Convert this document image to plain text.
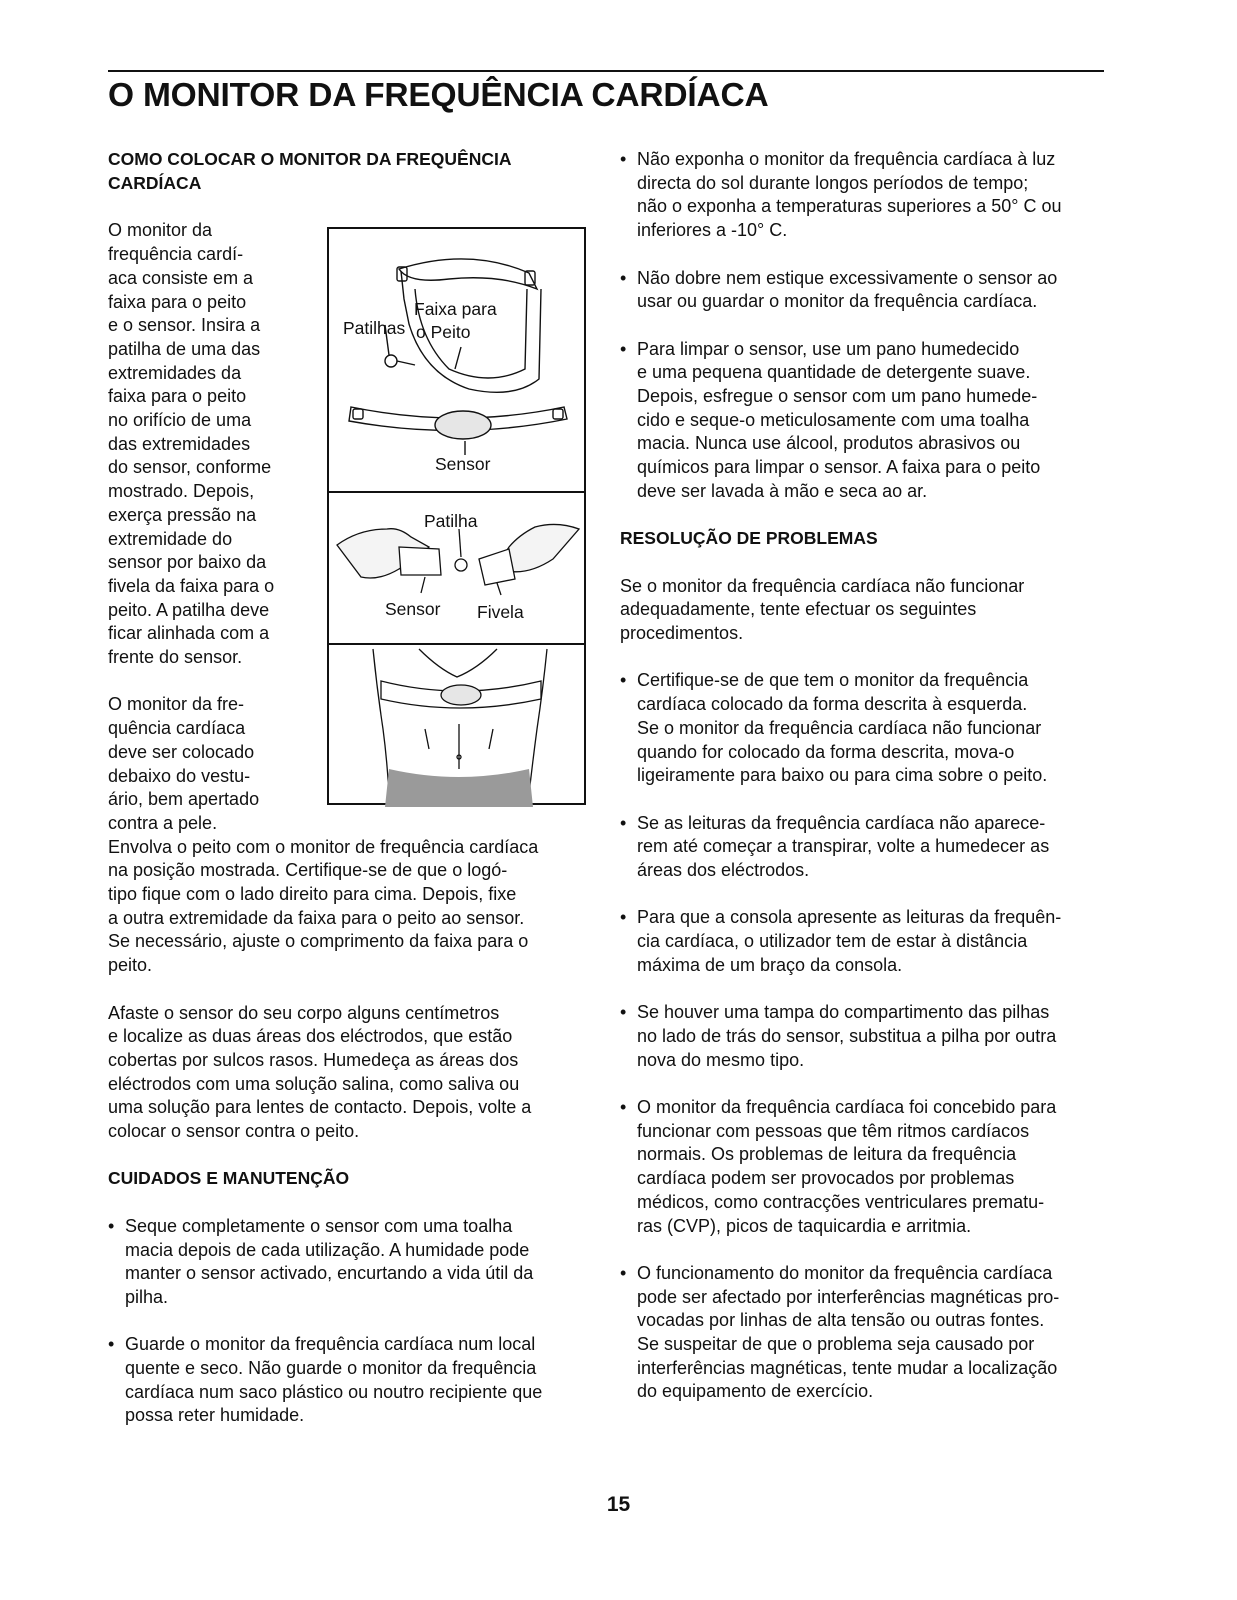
O MONITOR DA FREQUÊNCIA CARDÍACA

COMO COLOCAR O MONITOR DA FREQUÊNCIA
CARDÍACA

O monitor da
frequência cardí-
aca consiste em a
faixa para o peito
e o sensor. Insira a
patilha de uma das
extremidades da
faixa para o peito
no orifício de uma
das extremidades
do sensor, conforme
mostrado. Depois,
exerça pressão na
extremidade do
sensor por baixo da
fivela da faixa para o
peito. A patilha deve
ficar alinhada com a
frente do sensor.
O monitor da fre-
quência cardíaca
deve ser colocado
debaixo do vestu-
ário, bem apertado
contra a pele.
Envolva o peito com o monitor de frequência cardíaca
na posição mostrada. Certifique-se de que o logó-
tipo fique com o lado direito para cima. Depois, fixe
a outra extremidade da faixa para o peito ao sensor.
Se necessário, ajuste o comprimento da faixa para o
peito.
Afaste o sensor do seu corpo alguns centímetros
e localize as duas áreas dos eléctrodos, que estão
cobertas por sulcos rasos. Humedeça as áreas dos
eléctrodos com uma solução salina, como saliva ou
uma solução para lentes de contacto. Depois, volte a
colocar o sensor contra o peito.

CUIDADOS E MANUTENÇÃO

• Seque completamente o sensor com uma toalha
macia depois de cada utilização. A humidade pode
manter o sensor activado, encurtando a vida útil da
pilha.
• Guarde o monitor da frequência cardíaca num local
quente e seco. Não guarde o monitor da frequência
cardíaca num saco plástico ou noutro recipiente que
possa reter humidade.
Faixa para
o Peito
Patilhas
Sensor
Patilha
Sensor Fivela
• Não exponha o monitor da frequência cardíaca à luz
directa do sol durante longos períodos de tempo;
não o exponha a temperaturas superiores a 50° C ou
inferiores a -10° C.
• Não dobre nem estique excessivamente o sensor ao
usar ou guardar o monitor da frequência cardíaca.
• Para limpar o sensor, use um pano humedecido
e uma pequena quantidade de detergente suave.
Depois, esfregue o sensor com um pano humede-
cido e seque-o meticulosamente com uma toalha
macia. Nunca use álcool, produtos abrasivos ou
químicos para limpar o sensor. A faixa para o peito
deve ser lavada à mão e seca ao ar.

RESOLUÇÃO DE PROBLEMAS

Se o monitor da frequência cardíaca não funcionar
adequadamente, tente efectuar os seguintes
procedimentos.
• Certifique-se de que tem o monitor da frequência
cardíaca colocado da forma descrita à esquerda.
Se o monitor da frequência cardíaca não funcionar
quando for colocado da forma descrita, mova-o
ligeiramente para baixo ou para cima sobre o peito.
• Se as leituras da frequência cardíaca não aparece-
rem até começar a transpirar, volte a humedecer as
áreas dos eléctrodos.
• Para que a consola apresente as leituras da frequên-
cia cardíaca, o utilizador tem de estar à distância
máxima de um braço da consola.
• Se houver uma tampa do compartimento das pilhas
no lado de trás do sensor, substitua a pilha por outra
nova do mesmo tipo.
• O monitor da frequência cardíaca foi concebido para
funcionar com pessoas que têm ritmos cardíacos
normais. Os problemas de leitura da frequência
cardíaca podem ser provocados por problemas
médicos, como contracções ventriculares prematu-
ras (CVP), picos de taquicardia e arritmia.
• O funcionamento do monitor da frequência cardíaca
pode ser afectado por interferências magnéticas pro-
vocadas por linhas de alta tensão ou outras fontes.
Se suspeitar de que o problema seja causado por
interferências magnéticas, tente mudar a localização
do equipamento de exercício.
15
